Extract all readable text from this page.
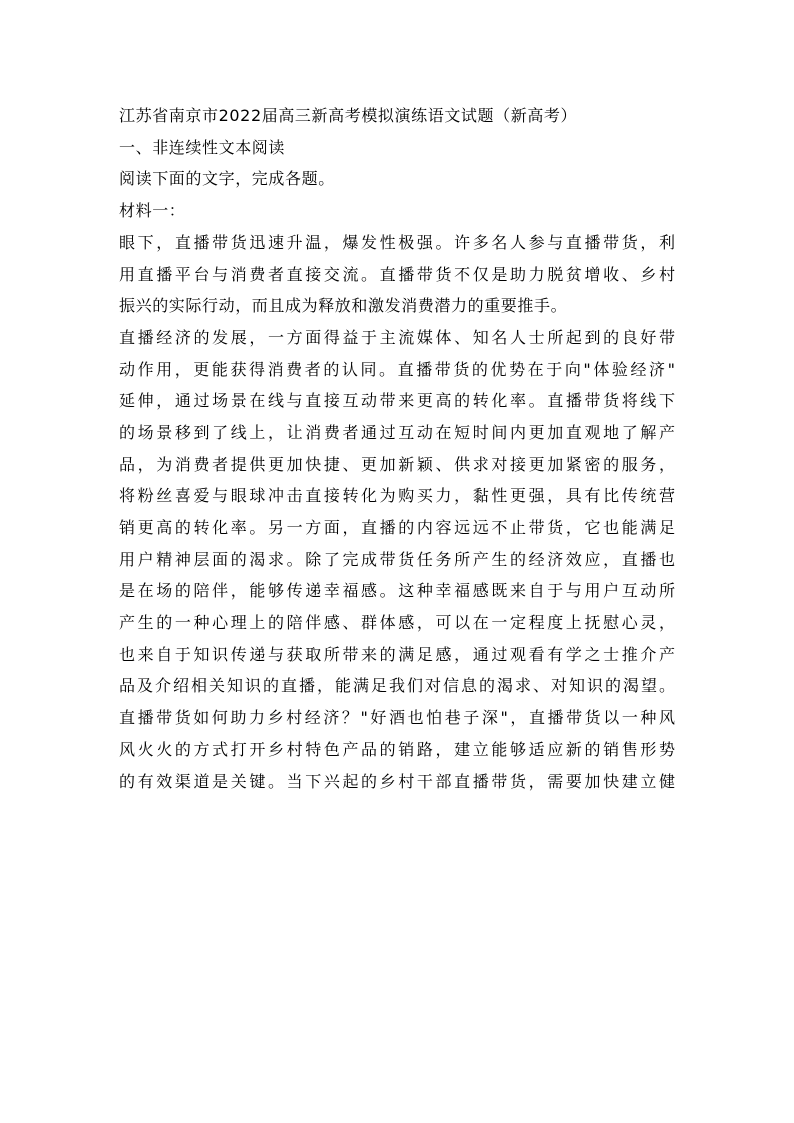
江苏省南京市2022届高三新高考模拟演练语文试题（新高考）
一、非连续性文本阅读
阅读下面的文字，完成各题。
材料一：
眼下，直播带货迅速升温，爆发性极强。许多名人参与直播带货，利
用直播平台与消费者直接交流。直播带货不仅是助力脱贫增收、乡村
振兴的实际行动，而且成为释放和激发消费潜力的重要推手。
直播经济的发展，一方面得益于主流媒体、知名人士所起到的良好带
动作用，更能获得消费者的认同。直播带货的优势在于向"体验经济"
延伸，通过场景在线与直接互动带来更高的转化率。直播带货将线下
的场景移到了线上，让消费者通过互动在短时间内更加直观地了解产
品，为消费者提供更加快捷、更加新颖、供求对接更加紧密的服务，
将粉丝喜爱与眼球冲击直接转化为购买力，黏性更强，具有比传统营
销更高的转化率。另一方面，直播的内容远远不止带货，它也能满足
用户精神层面的渴求。除了完成带货任务所产生的经济效应，直播也
是在场的陪伴，能够传递幸福感。这种幸福感既来自于与用户互动所
产生的一种心理上的陪伴感、群体感，可以在一定程度上抚慰心灵，
也来自于知识传递与获取所带来的满足感，通过观看有学之士推介产
品及介绍相关知识的直播，能满足我们对信息的渴求、对知识的渴望。
直播带货如何助力乡村经济？"好酒也怕巷子深"，直播带货以一种风
风火火的方式打开乡村特色产品的销路，建立能够适应新的销售形势
的有效渠道是关键。当下兴起的乡村干部直播带货，需要加快建立健
